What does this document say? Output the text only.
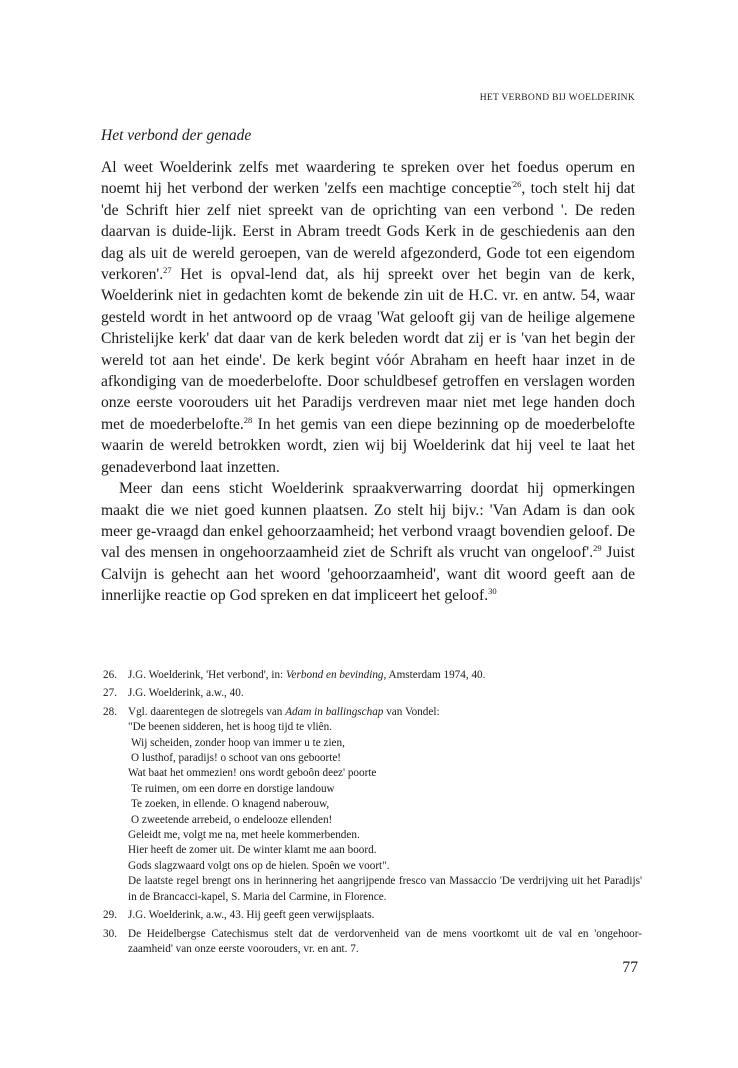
HET VERBOND BIJ WOELDERINK
Het verbond der genade

Al weet Woelderink zelfs met waardering te spreken over het foedus operum en noemt hij het verbond der werken 'zelfs een machtige conceptie$^{'26}$, toch stelt hij dat 'de Schrift hier zelf niet spreekt van de oprichting van een verbond '. De reden daarvan is duide-lijk. Eerst in Abram treedt Gods Kerk in de geschiedenis aan den dag als uit de wereld geroepen, van de wereld afgezonderd, Gode tot een eigendom verkoren'.$^{27}$ Het is opval-lend dat, als hij spreekt over het begin van de kerk, Woelderink niet in gedachten komt de bekende zin uit de H.C. vr. en antw. 54, waar gesteld wordt in het antwoord op de vraag 'Wat gelooft gij van de heilige algemene Christelijke kerk' dat daar van de kerk beleden wordt dat zij er is 'van het begin der wereld tot aan het einde'. De kerk begint vóór Abraham en heeft haar inzet in de afkondiging van de moederbelofte. Door schuldbesef getroffen en verslagen worden onze eerste voorouders uit het Paradijs verdreven maar niet met lege handen doch met de moederbelofte.$^{28}$ In het gemis van een diepe bezinning op de moederbelofte waarin de wereld betrokken wordt, zien wij bij Woelderink dat hij veel te laat het genadeverbond laat inzetten.

Meer dan eens sticht Woelderink spraakverwarring doordat hij opmerkingen maakt die we niet goed kunnen plaatsen. Zo stelt hij bijv.: 'Van Adam is dan ook meer ge-vraagd dan enkel gehoorzaamheid; het verbond vraagt bovendien geloof. De val des mensen in ongehoorzaamheid ziet de Schrift als vrucht van ongeloof'.$^{29}$ Juist Calvijn is gehecht aan het woord 'gehoorzaamheid', want dit woord geeft aan de innerlijke reactie op God spreken en dat impliceert het geloof.$^{30}$

26. J.G. Woelderink, 'Het verbond', in: Verbond en bevinding, Amsterdam 1974, 40.
27. J.G. Woelderink, a.w., 40.
28. Vgl. daarentegen de slotregels van Adam in ballingschap van Vondel:
"De beenen sidderen, het is hoog tijd te vliên.
Wij scheiden, zonder hoop van immer u te zien,
O lusthof, paradijs! o schoot van ons geboorte!
Wat baat het ommezien! ons wordt geboôn deez' poorte
Te ruimen, om een dorre en dorstige landouw
Te zoeken, in ellende. O knagend naberouw,
O zweetende arrebeid, o endelooze ellenden!
Geleidt me, volgt me na, met heele kommerbenden.
Hier heeft de zomer uit. De winter klamt me aan boord.
Gods slagzwaard volgt ons op de hielen. Spoên we voort".
De laatste regel brengt ons in herinnering het aangrijpende fresco van Massaccio 'De verdrijving uit het Paradijs' in de Brancacci-kapel, S. Maria del Carmine, in Florence.
29. J.G. Woelderink, a.w., 43. Hij geeft geen verwijsplaats.
30. De Heidelbergse Catechismus stelt dat de verdorvenheid van de mens voortkomt uit de val en 'ongehoor-zaamheid' van onze eerste voorouders, vr. en ant. 7.
77
